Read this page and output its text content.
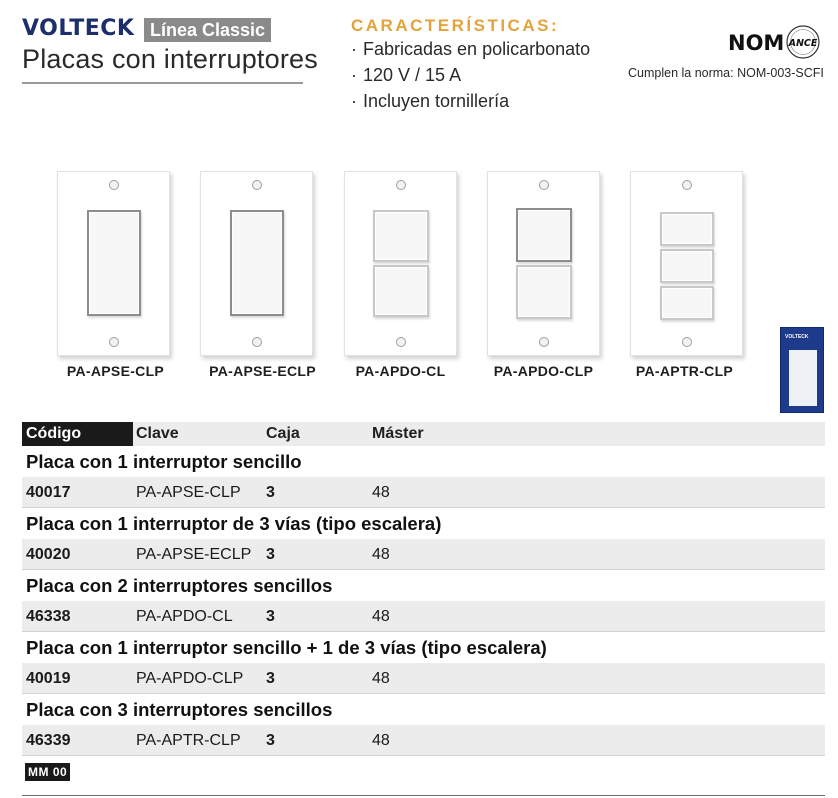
VOLTECK Línea Classic
Placas con interruptores
CARACTERÍSTICAS:
· Fabricadas en policarbonato
· 120 V / 15 A
· Incluyen tornillería
NOM ANCE
Cumplen la norma: NOM-003-SCFI
PA-APSE-CLP	PA-APSE-ECLP	PA-APDO-CL	PA-APDO-CLP	PA-APTR-CLP
VOLTECK
Código	Clave	Caja	Máster
Placa con 1 interruptor sencillo
40017	PA-APSE-CLP 3	48
Placa con 1 interruptor de 3 vías (tipo escalera)
40020	PA-APSE-ECLP 3	48
Placa con 2 interruptores sencillos
46338	PA-APDO-CL 3	48
Placa con 1 interruptor sencillo + 1 de 3 vías (tipo escalera)
40019	PA-APDO-CLP 3	48
Placa con 3 interruptores sencillos
46339	PA-APTR-CLP 3	48
MM 00
